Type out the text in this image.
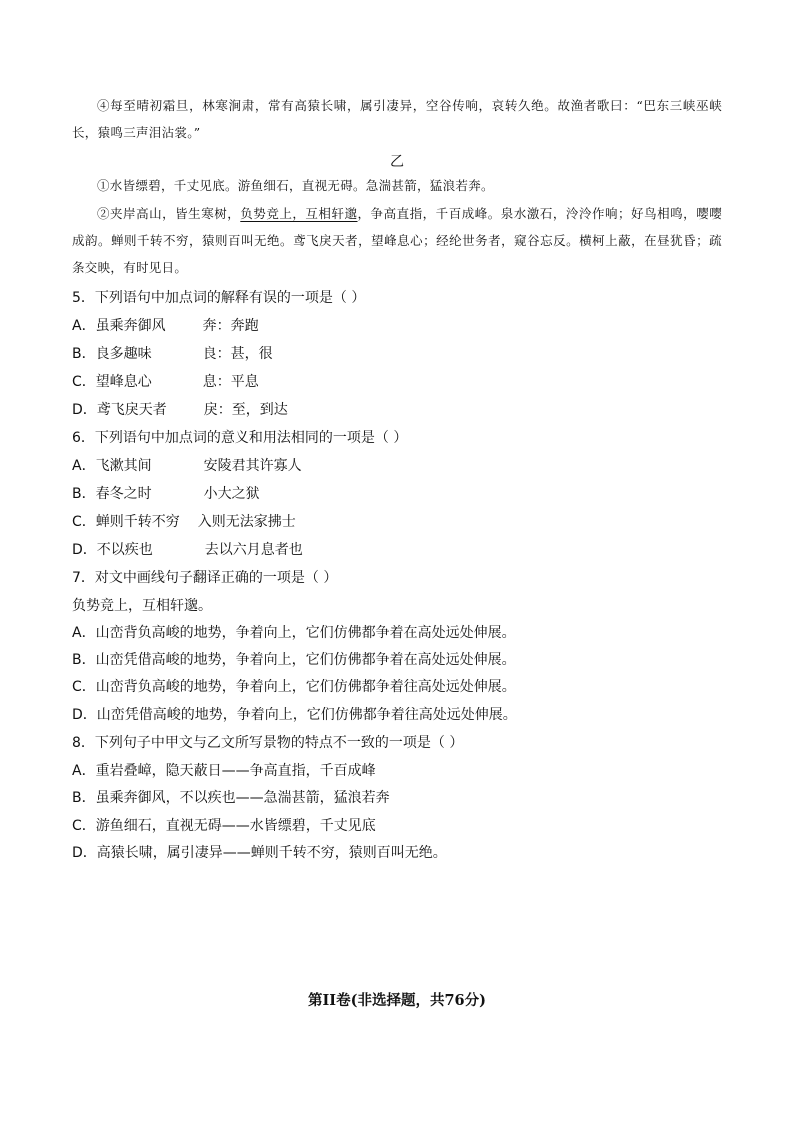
④每至晴初霜旦，林寒涧肃，常有高猿长啸，属引凄异，空谷传响，哀转久绝。故渔者歌曰：“巴东三峡巫峡长，猿鸣三声泪沾裳。”
乙
①水皆缥碧，千丈见底。游鱼细石，直视无碍。急湍甚箭，猛浪若奔。
②夹岸高山，皆生寒树，负势竞上，互相轩邈，争高直指，千百成峰。泉水激石，泠泠作响；好鸟相鸣，嘤嘤成韵。蝉则千转不穷，猿则百叫无绝。鸢飞戾天者，望峰息心；经纶世务者，窥谷忘反。横柯上蔽，在昼犹昏；疏条交映，有时见日。
5．下列语句中加点词的解释有误的一项是（ ）
A．虽乘奔御风	奔：奔跑
B．良多趣味	良：甚，很
C．望峰息心	息：平息
D．鸢飞戾天者	戾：至，到达
6．下列语句中加点词的意义和用法相同的一项是（ ）
A．飞漱其间	安陵君其许寡人
B．春冬之时	小大之狱
C．蝉则千转不穷 入则无法家拂士
D．不以疾也	去以六月息者也
7．对文中画线句子翻译正确的一项是（ ）
负势竞上，互相轩邈。
A．山峦背负高峻的地势，争着向上，它们仿佛都争着在高处远处伸展。
B．山峦凭借高峻的地势，争着向上，它们仿佛都争着在高处远处伸展。
C．山峦背负高峻的地势，争着向上，它们仿佛都争着往高处远处伸展。
D．山峦凭借高峻的地势，争着向上，它们仿佛都争着往高处远处伸展。
8．下列句子中甲文与乙文所写景物的特点不一致的一项是（ ）
A．重岩叠嶂，隐天蔽日——争高直指，千百成峰
B．虽乘奔御风，不以疾也——急湍甚箭，猛浪若奔
C．游鱼细石，直视无碍——水皆缥碧，千丈见底
D．高猿长啸，属引凄异——蝉则千转不穷，猿则百叫无绝。
第II卷(非选择题，共76分)
